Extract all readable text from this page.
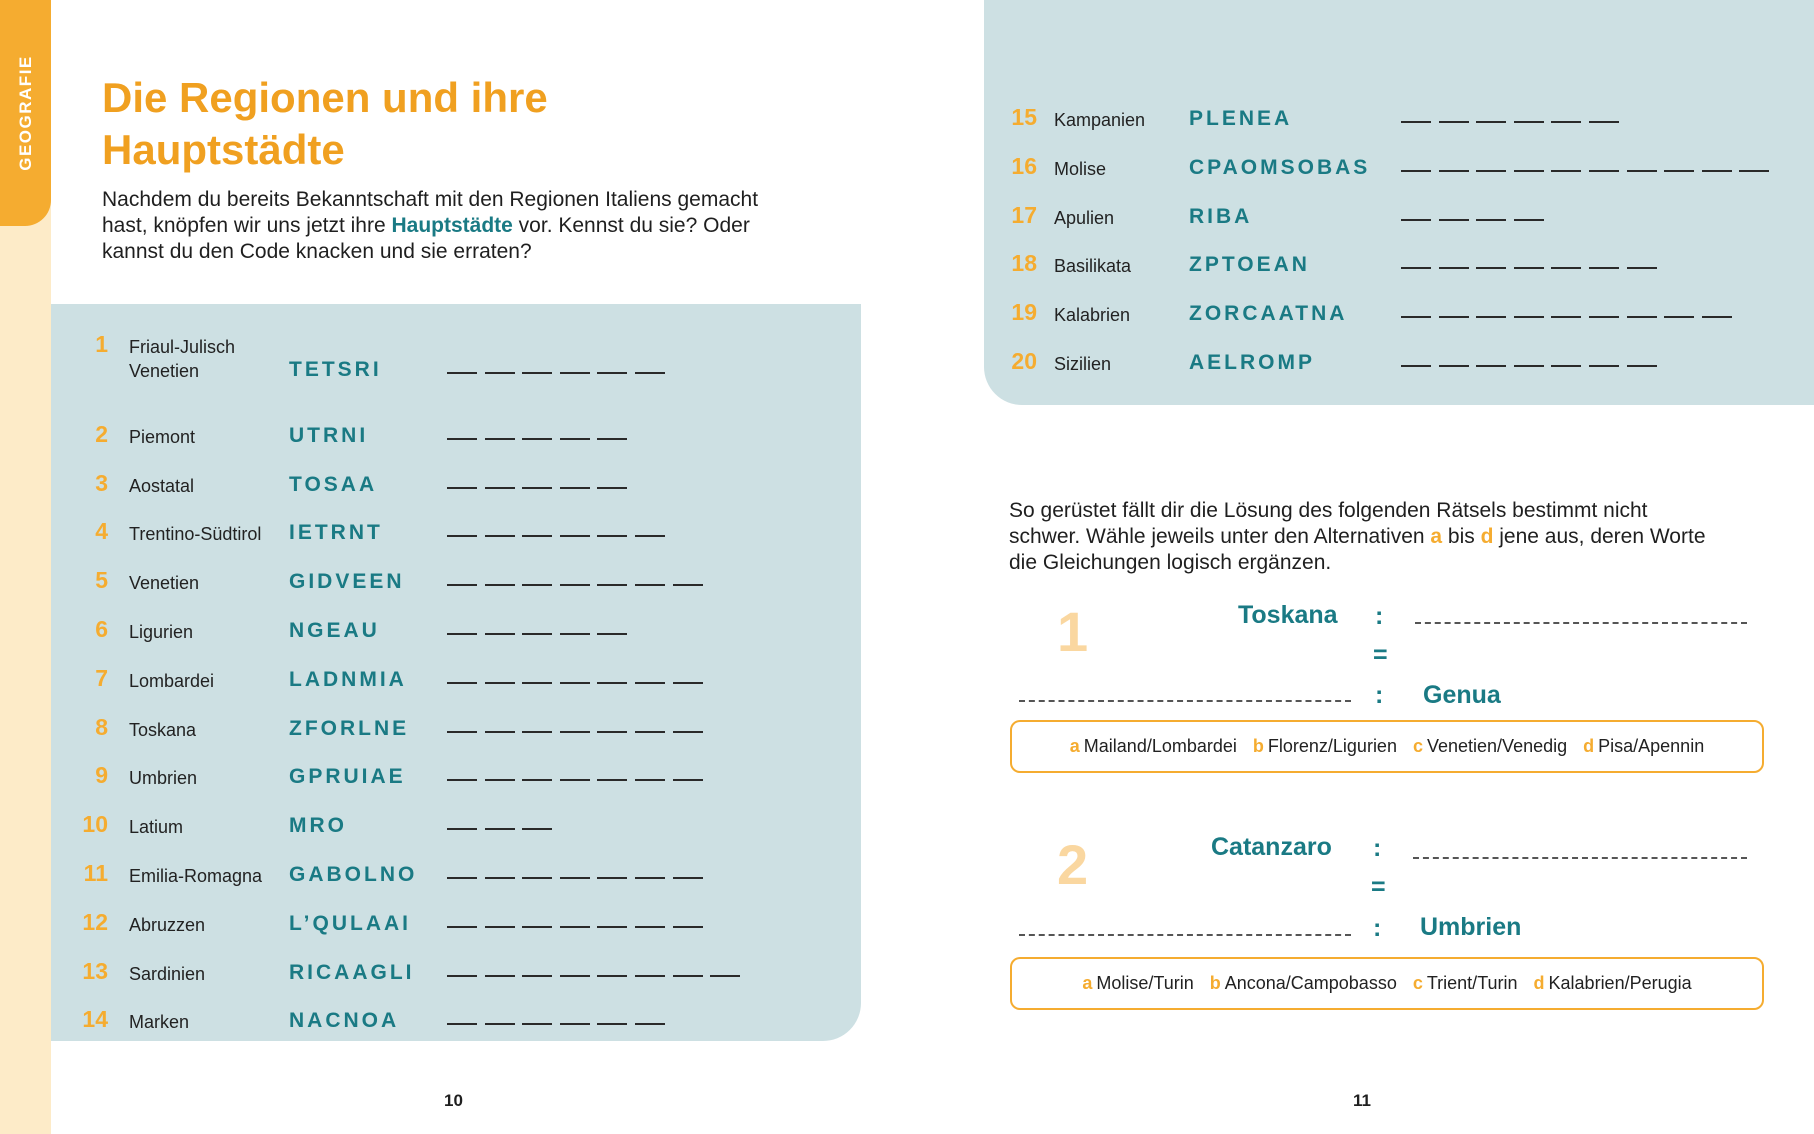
GEOGRAFIE Die Regionen und ihre
Hauptstädte
Nachdem du bereits Bekanntschaft mit den Regionen Italiens gemacht hast, knöpfen wir uns jetzt ihre Hauptstädte vor. Kennst du sie? Oder kannst du den Code knacken und sie erraten?
1 Friaul-Julisch
Venetien	TETSRI
2 Piemont	UTRNI
3 Aostatal	TOSAA
4 Trentino-Südtirol IETRNT
5 Venetien	GIDVEEN
6 Ligurien	NGEAU
7 Lombardei	LADNMIA
8 Toskana	ZFORLNE
9 Umbrien	GPRUIAE
10 Latium	MRO
11 Emilia-Romagna GABOLNO
12 Abruzzen	L’QULAAI
13 Sardinien	RICAAGLI
14 Marken	NACNOA
15 Kampanien PLENEA
16 Molise	CPAOMSOBAS
17 Apulien	RIBA
18 Basilikata	ZPTOEAN
19 Kalabrien	ZORCAATNA
20 Sizilien	AELROMP
So gerüstet fällt dir die Lösung des folgenden Rätsels bestimmt nicht schwer. Wähle jeweils unter den Alternativen a bis d jene aus, deren Worte die Gleichungen logisch ergänzen.
1	Toskana :
=
: Genua
a Mailand/Lombardei b Florenz/Ligurien c Venetien/Venedig d Pisa/Apennin
2	Catanzaro :
=
: Umbrien
a Molise/Turin b Ancona/Campobasso c Trient/Turin d Kalabrien/Perugia
10	11
